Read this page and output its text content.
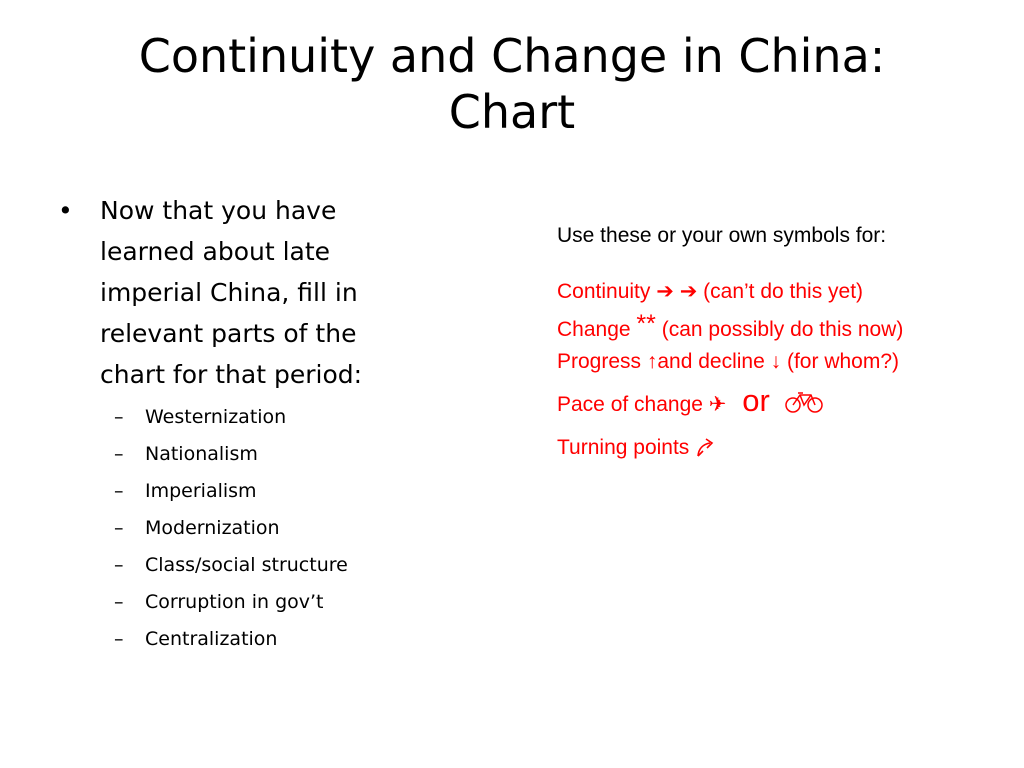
Continuity and Change in China:
Chart
•	Now that you have learned about late imperial China, fill in relevant parts of the chart for that period:
–	Westernization
–	Nationalism
–	Imperialism
–	Modernization
–	Class/social structure
–	Corruption in gov’t
–	Centralization
Use these or your own symbols for:
Continuity ➔ ➔ (can’t do this yet)
Change ** (can possibly do this now)
Progress ↑and decline ↓ (for whom?)
Pace of change ✈ or
Turning points
